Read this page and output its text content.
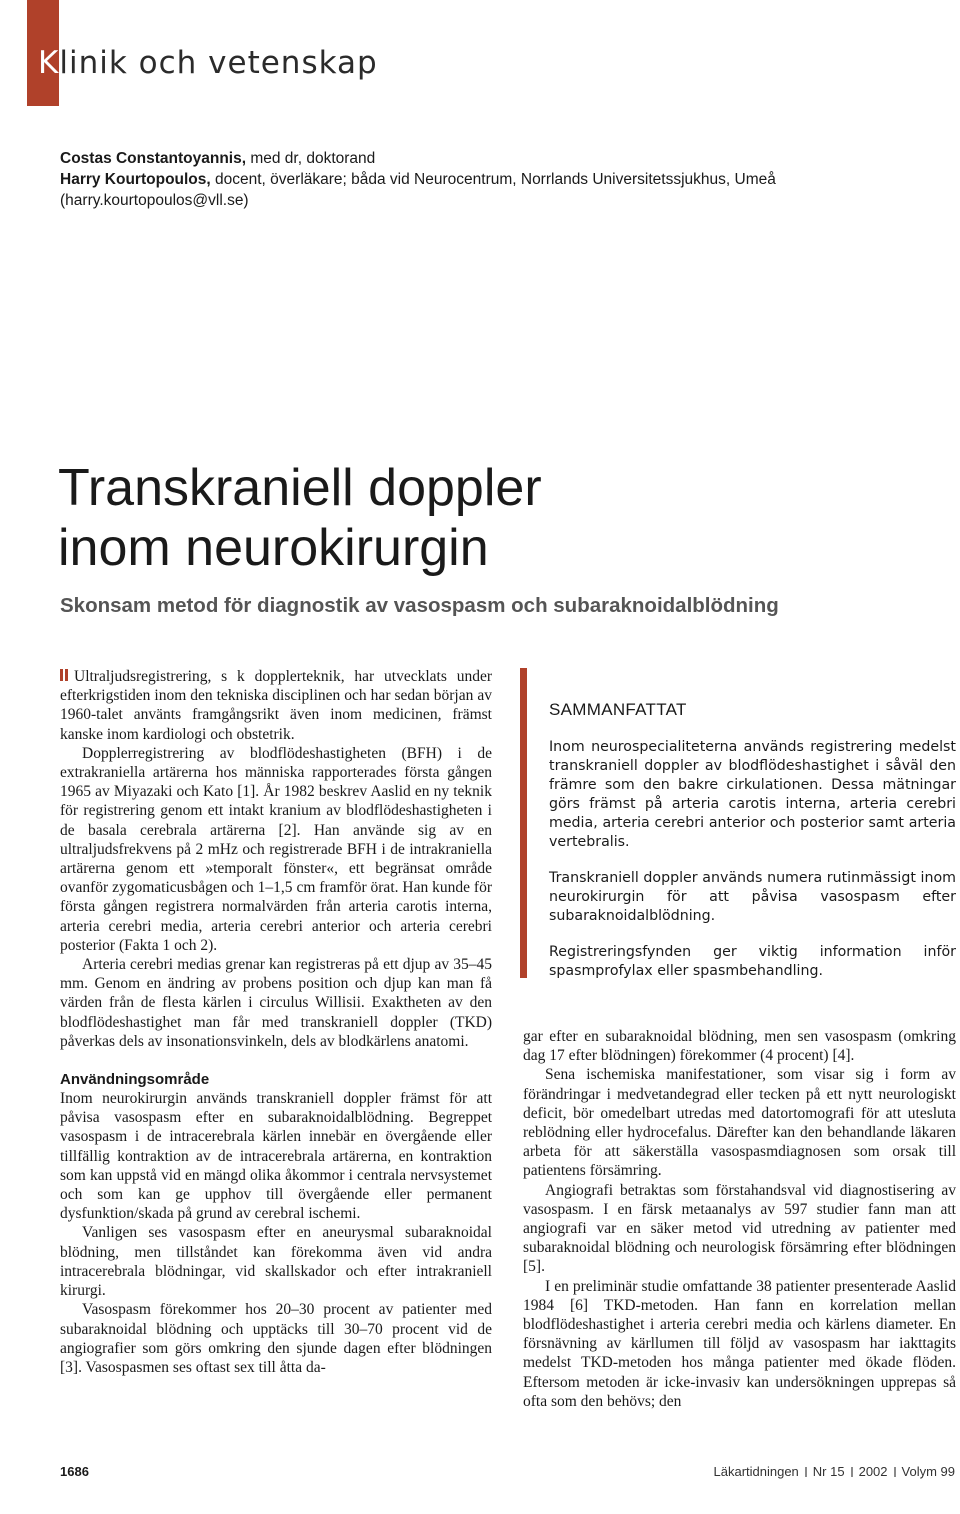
Klinik och vetenskap

Costas Constantoyannis, med dr, doktorand

Harry Kourtopoulos, docent, överläkare; båda vid Neurocentrum, Norrlands Universitetssjukhus, Umeå

(harry.kourtopoulos@vll.se)

Transkraniell doppler
inom neurokirurgin
Skonsam metod för diagnostik av vasospasm och subaraknoidalblödning

Ultraljudsregistrering, s k dopplerteknik, har utvecklats under efterkrigstiden inom den tekniska disciplinen och har sedan början av 1960-talet använts framgångsrikt även inom medicinen, främst kanske inom kardiologi och obstetrik.

Dopplerregistrering av blodflödeshastigheten (BFH) i de extrakraniella artärerna hos människa rapporterades första gången 1965 av Miyazaki och Kato [1]. År 1982 beskrev Aaslid en ny teknik för registrering genom ett intakt kranium av blodflödeshastigheten i de basala cerebrala artärerna [2]. Han använde sig av en ultraljudsfrekvens på 2 mHz och registrerade BFH i de intrakraniella artärerna genom ett »temporalt fönster«, ett begränsat område ovanför zygomaticusbågen och 1–1,5 cm framför örat. Han kunde för första gången registrera normalvärden från arteria carotis interna, arteria cerebri media, arteria cerebri anterior och arteria cerebri posterior (Fakta 1 och 2).

Arteria cerebri medias grenar kan registreras på ett djup av 35–45 mm. Genom en ändring av probens position och djup kan man få värden från de flesta kärlen i circulus Willisii. Exaktheten av den blodflödeshastighet man får med transkraniell doppler (TKD) påverkas dels av insonationsvinkeln, dels av blodkärlens anatomi.

Användningsområde

Inom neurokirurgin används transkraniell doppler främst för att påvisa vasospasm efter en subaraknoidalblödning. Begreppet vasospasm i de intracerebrala kärlen innebär en övergående eller tillfällig kontraktion av de intracerebrala artärerna, en kontraktion som kan uppstå vid en mängd olika åkommor i centrala nervsystemet och som kan ge upphov till övergående eller permanent dysfunktion/skada på grund av cerebral ischemi.

Vanligen ses vasospasm efter en aneurysmal subaraknoidal blödning, men tillståndet kan förekomma även vid andra intracerebrala blödningar, vid skallskador och efter intrakraniell kirurgi.

Vasospasm förekommer hos 20–30 procent av patienter med subaraknoidal blödning och upptäcks till 30–70 procent vid de angiografier som görs omkring den sjunde dagen efter blödningen [3]. Vasospasmen ses oftast sex till åtta da-

SAMMANFATTAT

Inom neurospecialiteterna används registrering medelst transkraniell doppler av blodflödeshastighet i såväl den främre som den bakre cirkulationen. Dessa mätningar görs främst på arteria carotis interna, arteria cerebri media, arteria cerebri anterior och posterior samt arteria vertebralis.

Transkraniell doppler används numera rutinmässigt inom neurokirurgin för att påvisa vasospasm efter subaraknoidalblödning.

Registreringsfynden ger viktig information inför spasmprofylax eller spasmbehandling.

gar efter en subaraknoidal blödning, men sen vasospasm (omkring dag 17 efter blödningen) förekommer (4 procent) [4].

Sena ischemiska manifestationer, som visar sig i form av förändringar i medvetandegrad eller tecken på ett nytt neurologiskt deficit, bör omedelbart utredas med datortomografi för att utesluta reblödning eller hydrocefalus. Därefter kan den behandlande läkaren arbeta för att säkerställa vasospasmdiagnosen som orsak till patientens försämring.

Angiografi betraktas som förstahandsval vid diagnostisering av vasospasm. I en färsk metaanalys av 597 studier fann man att angiografi var en säker metod vid utredning av patienter med subaraknoidal blödning och neurologisk försämring efter blödningen [5].

I en preliminär studie omfattande 38 patienter presenterade Aaslid 1984 [6] TKD-metoden. Han fann en korrelation mellan blodflödeshastighet i arteria cerebri media och kärlens diameter. En försnävning av kärllumen till följd av vasospasm har iakttagits medelst TKD-metoden hos många patienter med ökade flöden. Eftersom metoden är icke-invasiv kan undersökningen upprepas så ofta som den behövs; den

1686	Läkartidningen Nr 15 2002 Volym 99
